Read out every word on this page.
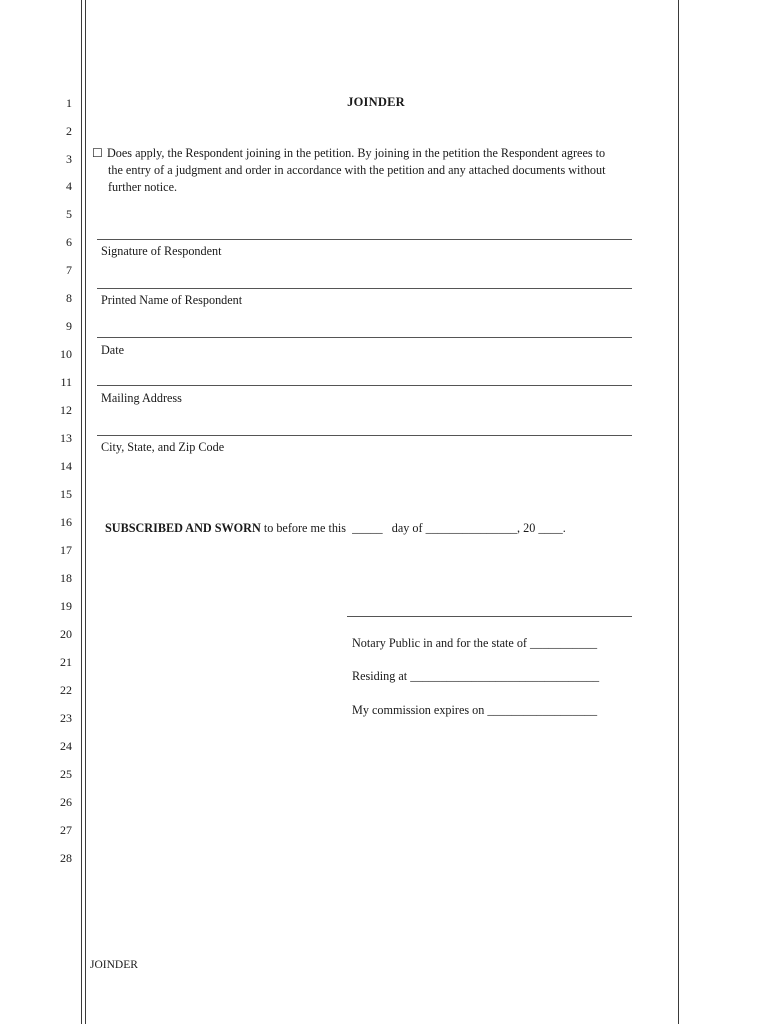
1
2
3
4
5
6
7
8
9
10
11
12
13
14
15
16
17
18
19
20
21
22
23
24
25
26
27
28
JOINDER
☐ Does apply, the Respondent joining in the petition. By joining in the petition the Respondent agrees to
the entry of a judgment and order in accordance with the petition and any attached documents without
further notice.
Signature of Respondent
Printed Name of Respondent
Date
Mailing Address
City, State, and Zip Code
SUBSCRIBED AND SWORN to before me this  _____   day of _______________, 20 ____.
Notary Public in and for the state of ___________
Residing at _______________________________
My commission expires on __________________
JOINDER
